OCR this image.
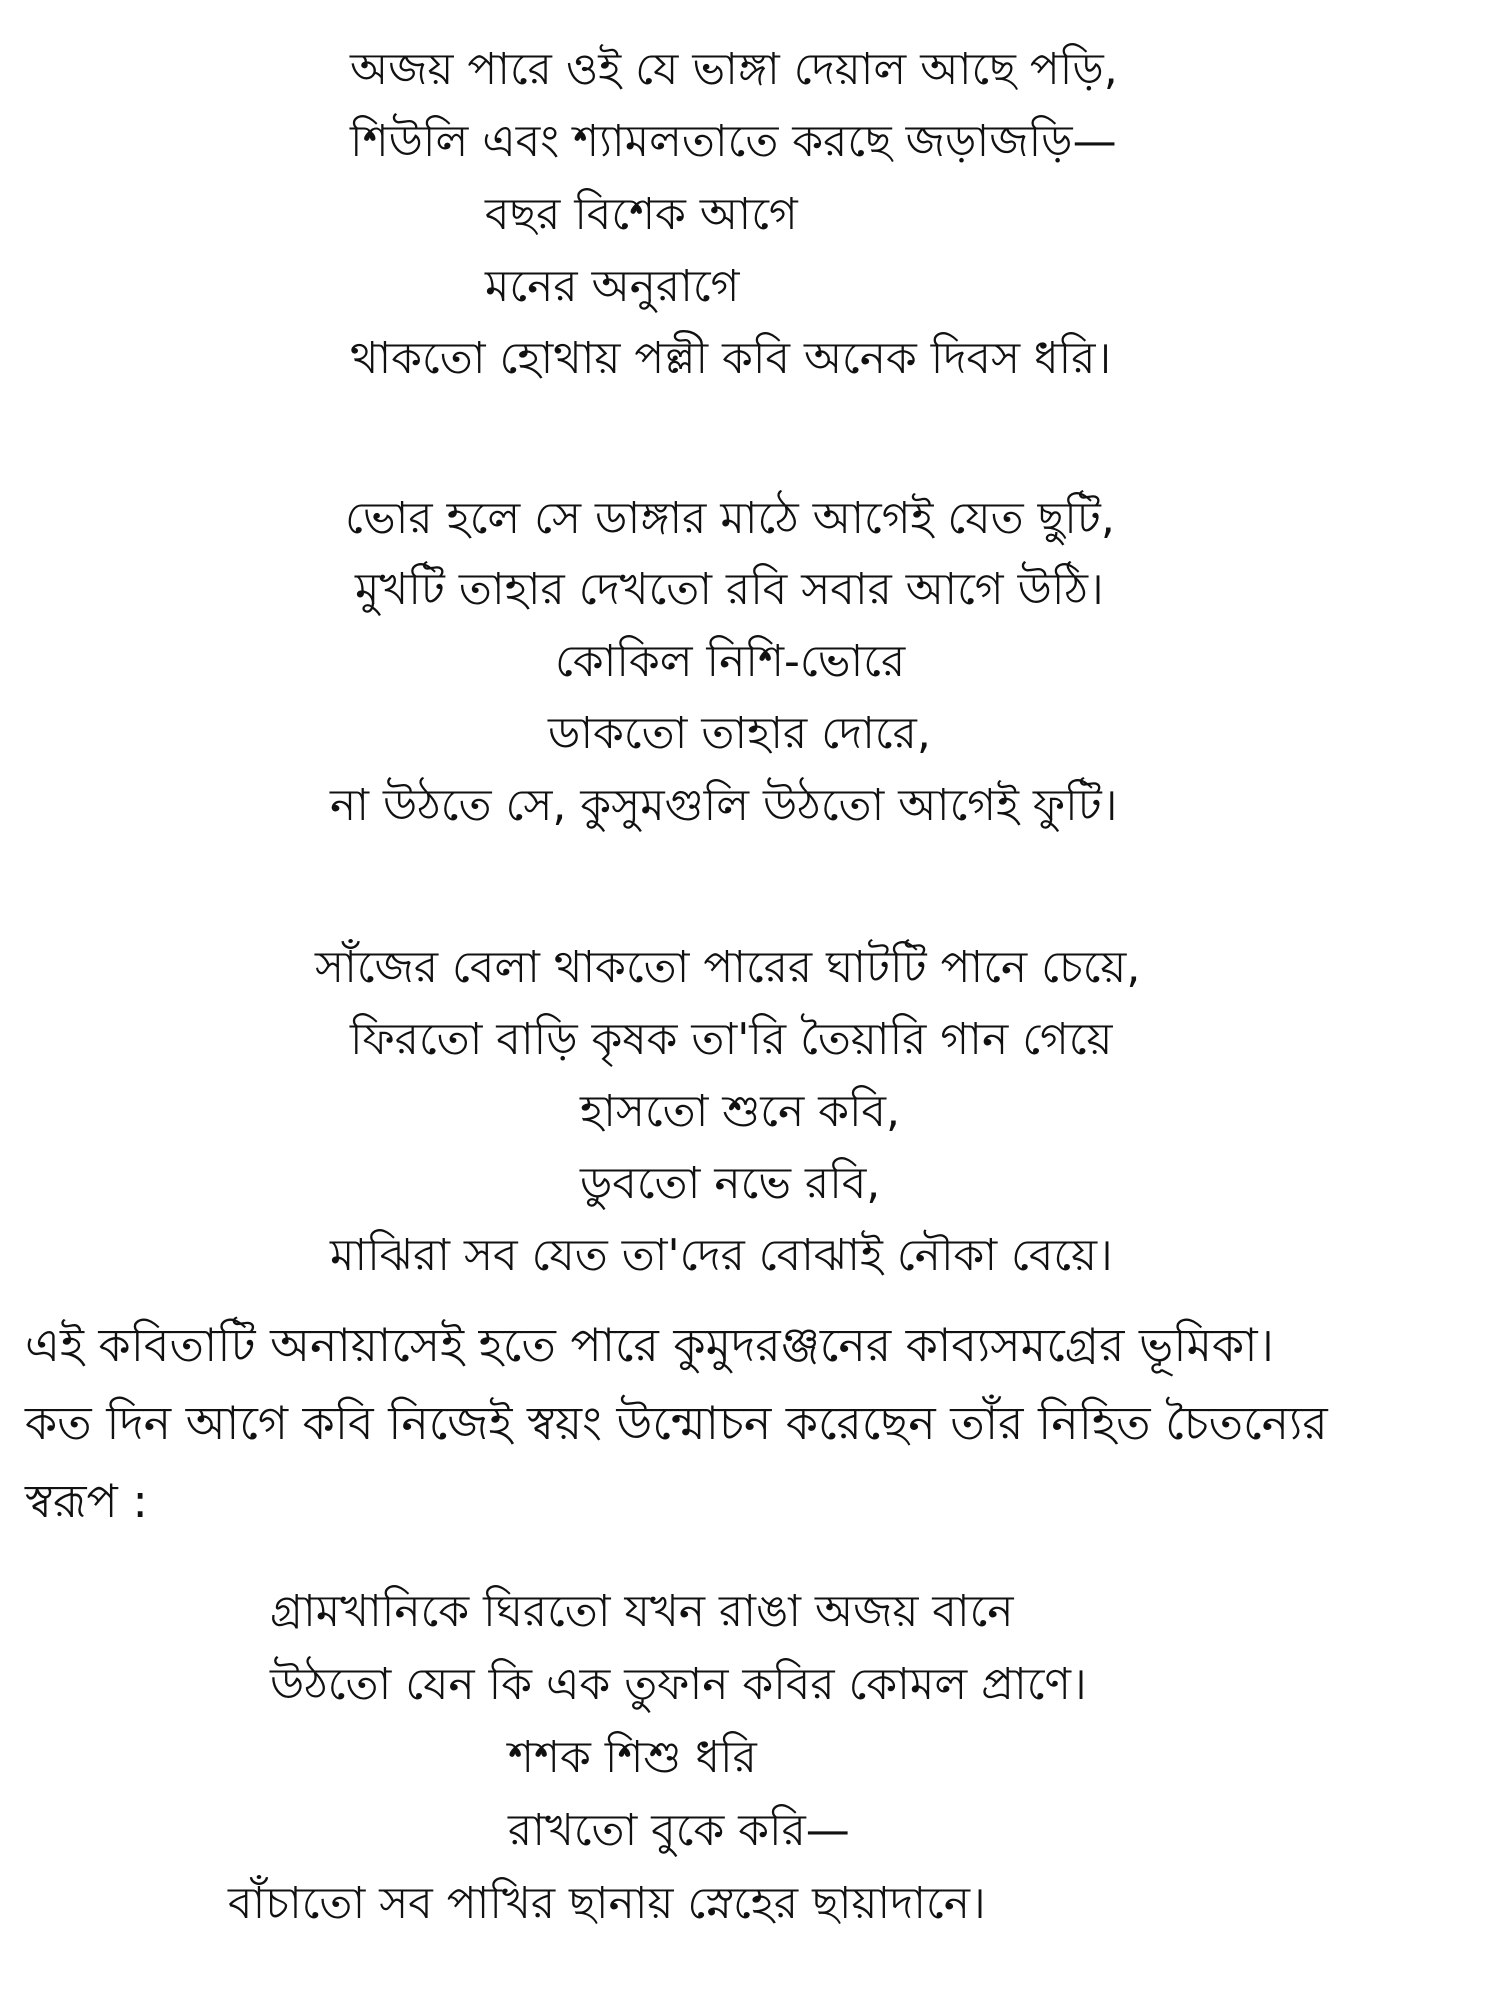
অজয় পারে ওই যে ভাঙ্গা দেয়াল আছে পড়ি,
শিউলি এবং শ্যামলতাতে করছে জড়াজড়ি—
বছর বিশেক আগে
মনের অনুরাগে
থাকতো হোথায় পল্লী কবি অনেক দিবস ধরি।
ভোর হলে সে ডাঙ্গার মাঠে আগেই যেত ছুটি,
মুখটি তাহার দেখতো রবি সবার আগে উঠি।
কোকিল নিশি-ভোরে
ডাকতো তাহার দোরে,
না উঠতে সে, কুসুমগুলি উঠতো আগেই ফুটি।
সাঁজের বেলা থাকতো পারের ঘাটটি পানে চেয়ে,
ফিরতো বাড়ি কৃষক তা'রি তৈয়ারি গান গেয়ে
হাসতো শুনে কবি,
ডুবতো নভে রবি,
মাঝিরা সব যেত তা'দের বোঝাই নৌকা বেয়ে।
এই কবিতাটি অনায়াসেই হতে পারে কুমুদরঞ্জনের কাব্যসমগ্রের ভূমিকা।
কত দিন আগে কবি নিজেই স্বয়ং উন্মোচন করেছেন তাঁর নিহিত চৈতন্যের
স্বরূপ :
গ্রামখানিকে ঘিরতো যখন রাঙা অজয় বানে
উঠতো যেন কি এক তুফান কবির কোমল প্রাণে।
শশক শিশু ধরি
রাখতো বুকে করি—
বাঁচাতো সব পাখির ছানায় স্নেহের ছায়াদানে।
